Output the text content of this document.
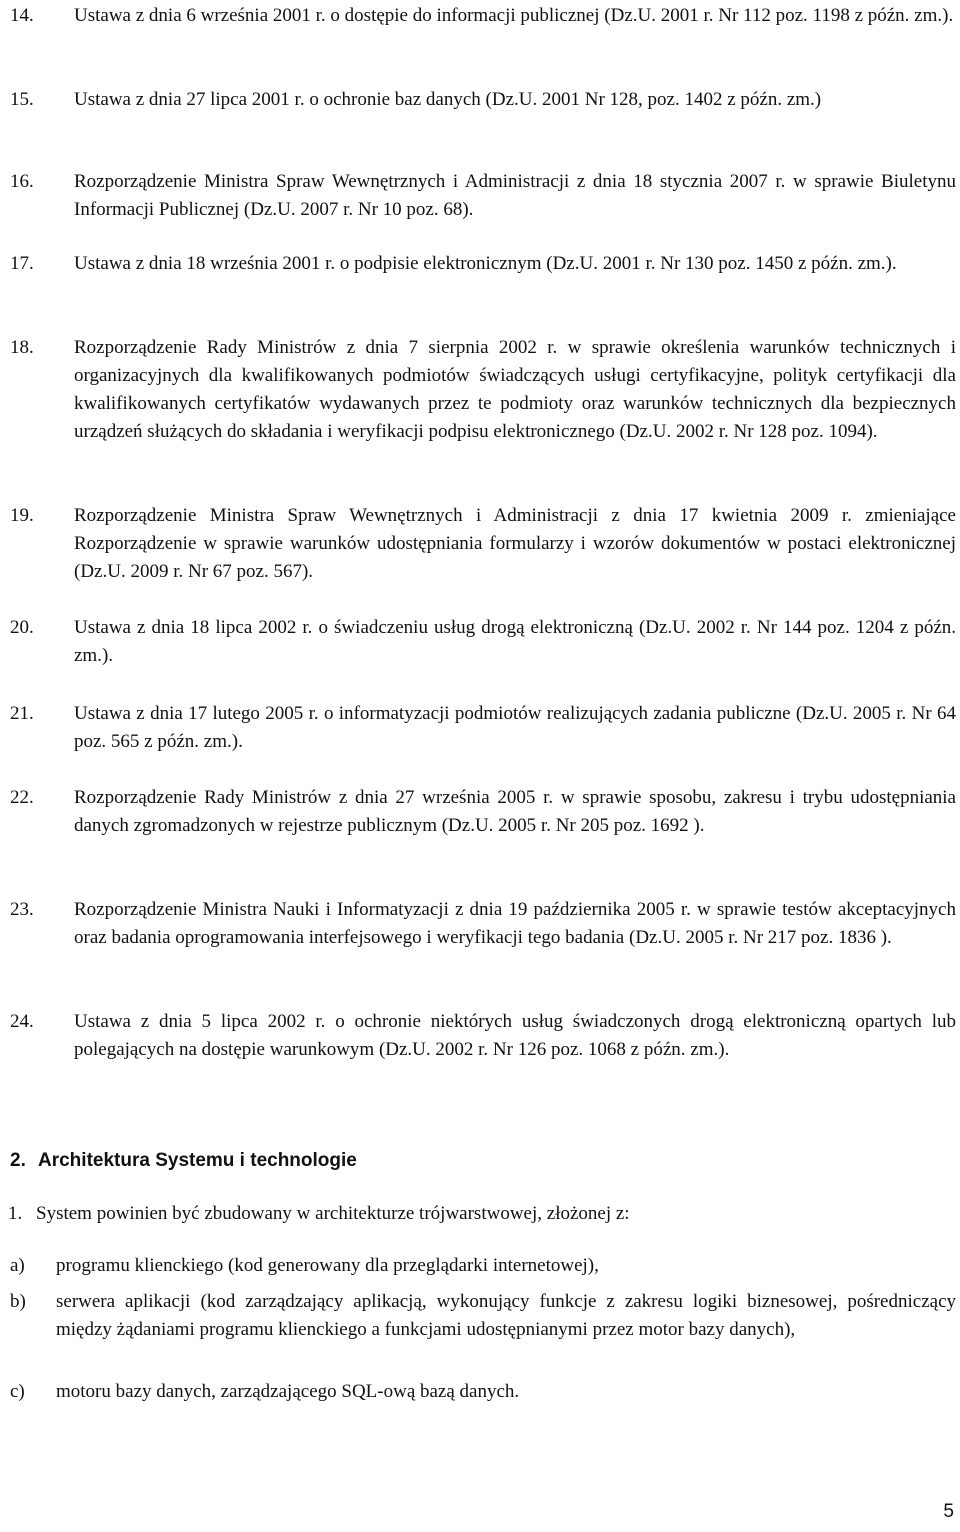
14.	Ustawa z dnia 6 września 2001 r. o dostępie do informacji publicznej (Dz.U. 2001 r. Nr 112 poz. 1198 z późn. zm.).
15.	Ustawa z dnia 27 lipca 2001 r. o ochronie baz danych (Dz.U. 2001 Nr 128, poz. 1402 z późn. zm.)
16.	Rozporządzenie Ministra Spraw Wewnętrznych i Administracji z dnia 18 stycznia 2007 r. w sprawie Biuletynu Informacji Publicznej (Dz.U. 2007 r. Nr 10 poz. 68).
17.	Ustawa z dnia 18 września 2001 r. o podpisie elektronicznym (Dz.U. 2001 r. Nr 130 poz. 1450 z późn. zm.).
18.	Rozporządzenie Rady Ministrów z dnia 7 sierpnia 2002 r. w sprawie określenia warunków technicznych i organizacyjnych dla kwalifikowanych podmiotów świadczących usługi certyfikacyjne, polityk certyfikacji dla kwalifikowanych certyfikatów wydawanych przez te podmioty oraz warunków technicznych dla bezpiecznych urządzeń służących do składania i weryfikacji podpisu elektronicznego (Dz.U. 2002 r. Nr 128 poz. 1094).
19.	Rozporządzenie Ministra Spraw Wewnętrznych i Administracji z dnia 17 kwietnia 2009 r. zmieniające Rozporządzenie w sprawie warunków udostępniania formularzy i wzorów dokumentów w postaci elektronicznej (Dz.U. 2009 r. Nr 67 poz. 567).
20.	Ustawa z dnia 18 lipca 2002 r. o świadczeniu usług drogą elektroniczną (Dz.U. 2002 r. Nr 144 poz. 1204 z późn. zm.).
21.	Ustawa z dnia 17 lutego 2005 r. o informatyzacji podmiotów realizujących zadania publiczne (Dz.U. 2005 r. Nr 64 poz. 565 z późn. zm.).
22.	Rozporządzenie Rady Ministrów z dnia 27 września 2005 r. w sprawie sposobu, zakresu i trybu udostępniania danych zgromadzonych w rejestrze publicznym (Dz.U. 2005 r. Nr 205 poz. 1692 ).
23.	Rozporządzenie Ministra Nauki i Informatyzacji z dnia 19 października 2005 r. w sprawie testów akceptacyjnych oraz badania oprogramowania interfejsowego i weryfikacji tego badania (Dz.U. 2005 r. Nr 217 poz. 1836 ).
24.	Ustawa z dnia 5 lipca 2002 r. o ochronie niektórych usług świadczonych drogą elektroniczną opartych lub polegających na dostępie warunkowym (Dz.U. 2002 r. Nr 126 poz. 1068 z późn. zm.).
2. Architektura Systemu i technologie
1. System powinien być zbudowany w architekturze trójwarstwowej, złożonej z:
a)	programu klienckiego (kod generowany dla przeglądarki internetowej),
b)	serwera aplikacji (kod zarządzający aplikacją, wykonujący funkcje z zakresu logiki biznesowej, pośredniczący między żądaniami programu klienckiego a funkcjami udostępnianymi przez motor bazy danych),
c)	motoru bazy danych, zarządzającego SQL-ową bazą danych.
5
